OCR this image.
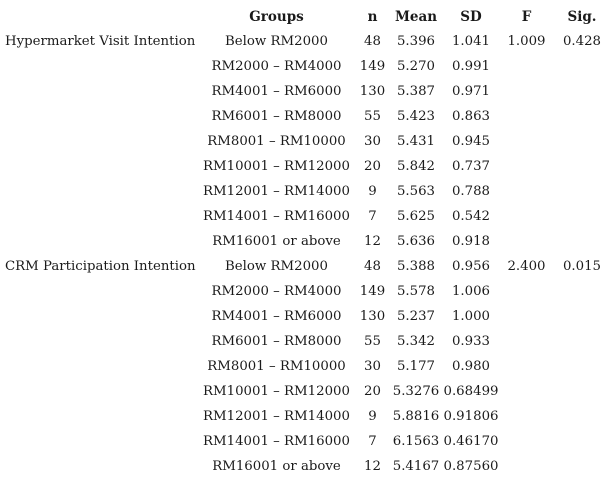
	Groups	n	Mean	SD	F	Sig.
Hypermarket Visit Intention	Below RM2000	48	5.396	1.041	1.009	0.428
	RM2000 – RM4000	149	5.270	0.991		
	RM4001 – RM6000	130	5.387	0.971		
	RM6001 – RM8000	55	5.423	0.863		
	RM8001 – RM10000	30	5.431	0.945		
	RM10001 – RM12000	20	5.842	0.737		
	RM12001 – RM14000	9	5.563	0.788		
	RM14001 – RM16000	7	5.625	0.542		
	RM16001 or above	12	5.636	0.918		
CRM Participation Intention	Below RM2000	48	5.388	0.956	2.400	0.015
	RM2000 – RM4000	149	5.578	1.006		
	RM4001 – RM6000	130	5.237	1.000		
	RM6001 – RM8000	55	5.342	0.933		
	RM8001 – RM10000	30	5.177	0.980		
	RM10001 – RM12000	20	5.3276	0.68499		
	RM12001 – RM14000	9	5.8816	0.91806		
	RM14001 – RM16000	7	6.1563	0.46170		
	RM16001 or above	12	5.4167	0.87560		
